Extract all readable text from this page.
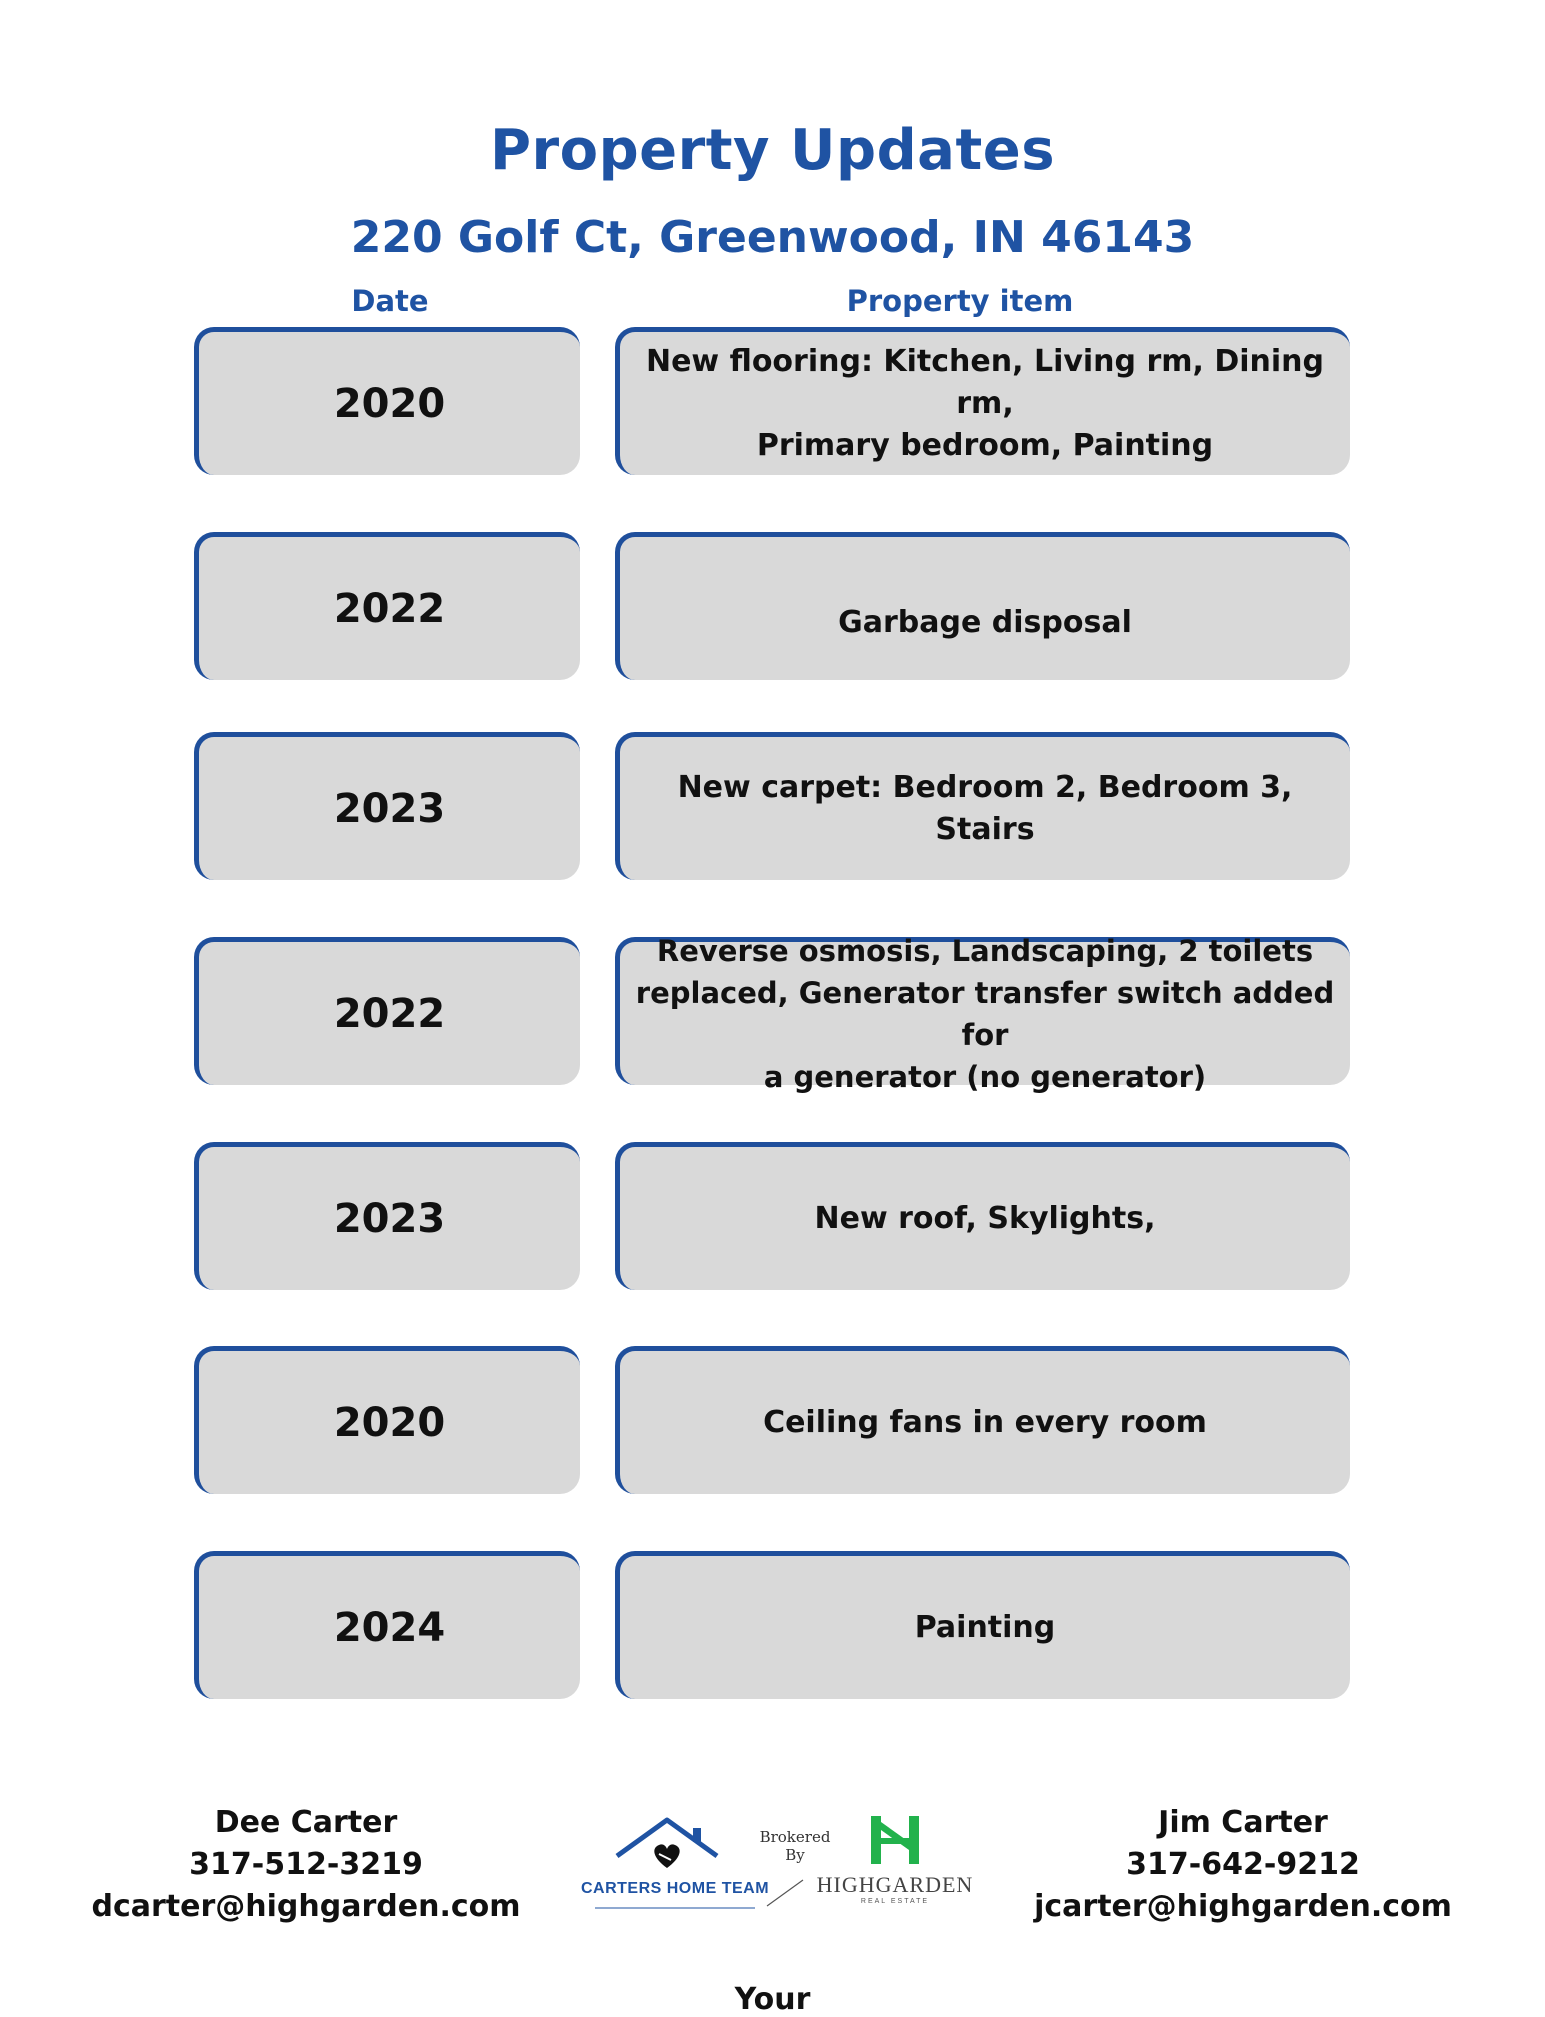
Property Updates
220 Golf Ct, Greenwood, IN 46143
Date	Property item
2020
New flooring: Kitchen, Living rm, Dining rm,
Primary bedroom, Painting
2022	Garbage disposal
2023	New carpet: Bedroom 2, Bedroom 3, Stairs
2022
Reverse osmosis, Landscaping, 2 toilets
replaced, Generator transfer switch added for
a generator (no generator)
2023	New roof, Skylights,
2020	Ceiling fans in every room
2024	Painting
Dee Carter
317-512-3219
dcarter@highgarden.com
Jim Carter
317-642-9212
jcarter@highgarden.com
CARTERS HOME TEAM
Brokered
By
HIGHGARDEN
REAL ESTATE
Your
